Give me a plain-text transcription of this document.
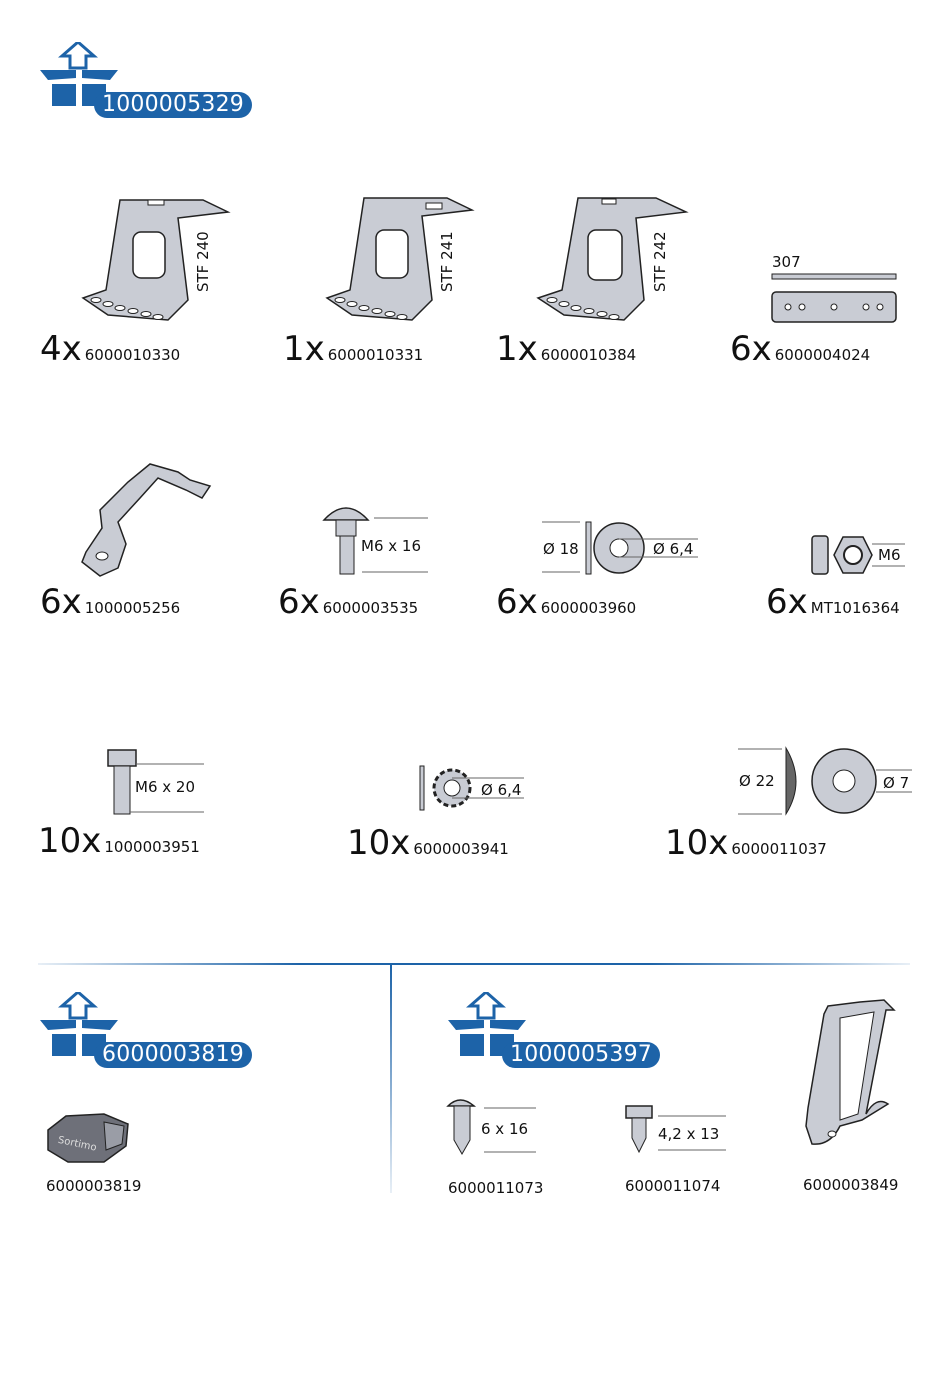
1000005329
STF 240
4x 6000010330
STF 241
1x 6000010331
STF 242
1x 6000010384
307
6x 6000004024
6x 1000005256
M6 x 16
6x 6000003535
Ø 18	Ø 6,4
6x 6000003960
M6
6x MT1016364
M6 x 20
10x 1000003951
Ø 6,4
10x 6000003941
Ø 22	Ø 7
10x 6000011037
6000003819
Sortimo
6000003819
1000005397
6 x 16
6000011073
4,2 x 13
6000011074	6000003849
